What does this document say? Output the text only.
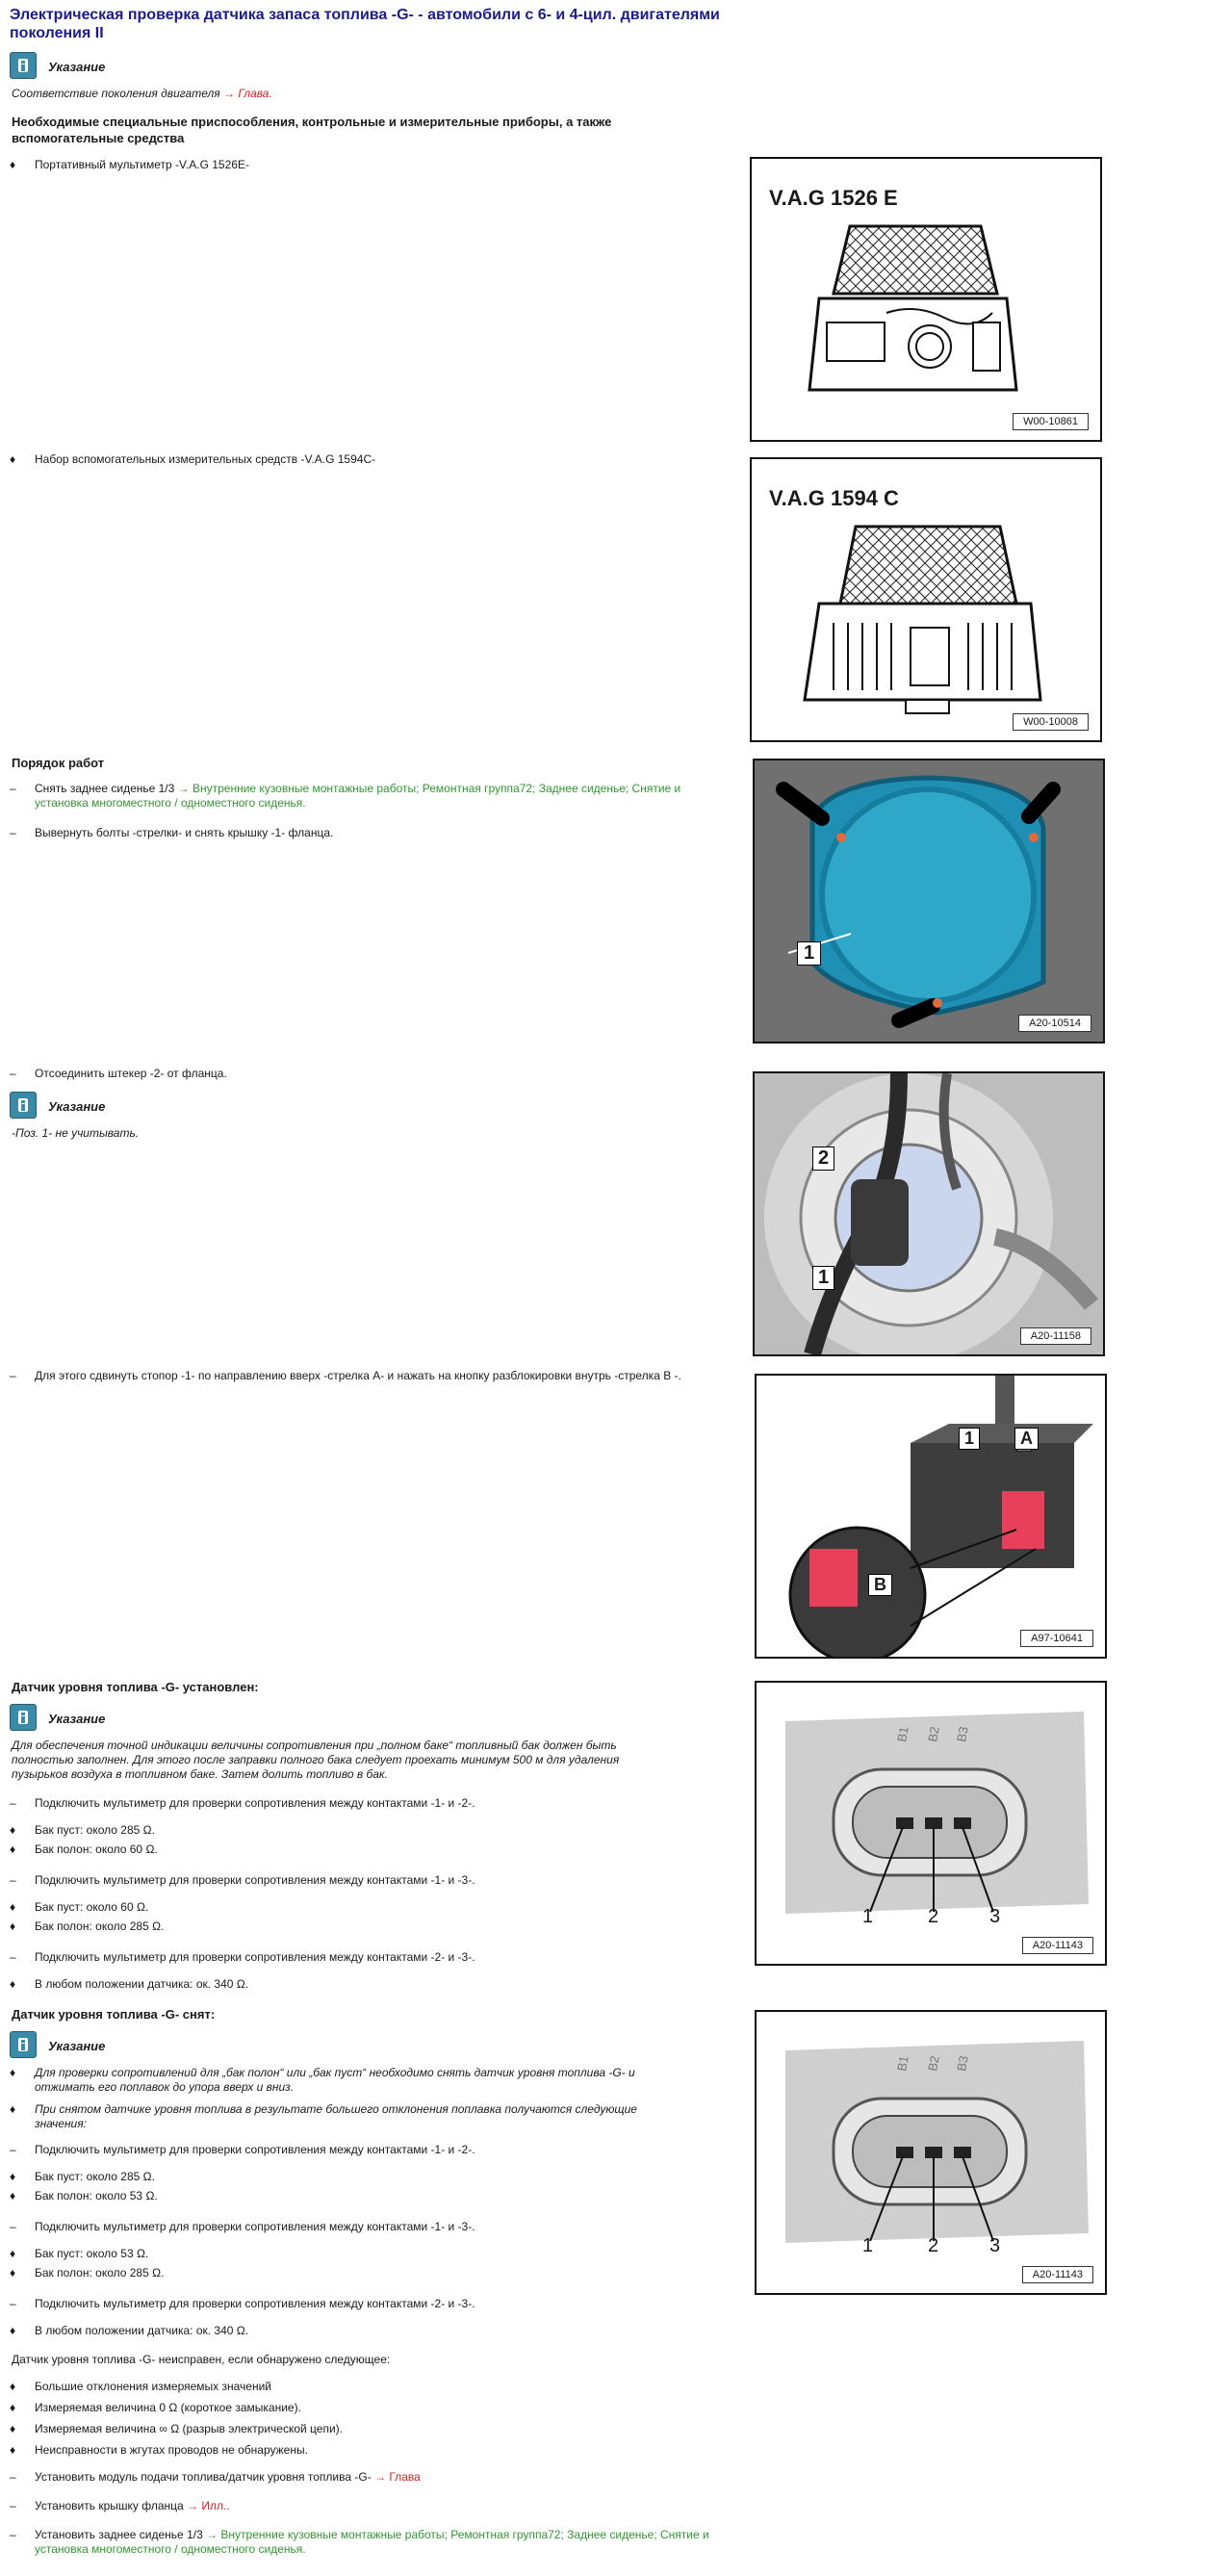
Электрическая проверка датчика запаса топлива -G- - автомобили с 6- и 4-цил. двигателями поколения II
Указание
Соответствие поколения двигателя → Глава.
Необходимые специальные приспособления, контрольные и измерительные приборы, а также вспомогательные средства
♦	Портативный мультиметр -V.A.G 1526E-
V.A.G 1526 E
W00-10861
♦	Набор вспомогательных измерительных средств -V.A.G 1594C-
V.A.G 1594 C
W00-10008
Порядок работ
–	Снять заднее сиденье 1/3 → Внутренние кузовные монтажные работы; Ремонтная группа72; Заднее сиденье; Снятие и установка многоместного / одноместного сиденья.
–	Вывернуть болты -стрелки- и снять крышку -1- фланца.
1
A20-10514
–	Отсоединить штекер -2- от фланца.
Указание
-Поз. 1- не учитывать.
2
1
A20-11158
–	Для этого сдвинуть стопор -1- по направлению вверх -стрелка А- и нажать на кнопку разблокировки внутрь -стрелка В -.
1	A
B
A97-10641
Датчик уровня топлива -G- установлен:
Указание
Для обеспечения точной индикации величины сопротивления при „полном баке“ топливный бак должен быть полностью заполнен. Для этого после заправки полного бака следует проехать минимум 500 м для удаления пузырьков воздуха в топливном баке. Затем долить топливо в бак.
–	Подключить мультиметр для проверки сопротивления между контактами -1- и -2-.
♦	Бак пуст: около 285 Ω.
♦	Бак полон: около 60 Ω.
–	Подключить мультиметр для проверки сопротивления между контактами -1- и -3-.
♦	Бак пуст: около 60 Ω.
♦	Бак полон: около 285 Ω.
–	Подключить мультиметр для проверки сопротивления между контактами -2- и -3-.
♦	В любом положении датчика: ок. 340 Ω.
B1 B2 B3
1	2	3
A20-11143
Датчик уровня топлива -G- снят:
Указание
♦	Для проверки сопротивлений для „бак полон“ или „бак пуст“ необходимо снять датчик уровня топлива -G- и отжимать его поплавок до упора вверх и вниз.
♦	При снятом датчике уровня топлива в результате большего отклонения поплавка получаются следующие значения:
–	Подключить мультиметр для проверки сопротивления между контактами -1- и -2-.
♦	Бак пуст: около 285 Ω.
♦	Бак полон: около 53 Ω.
–	Подключить мультиметр для проверки сопротивления между контактами -1- и -3-.
♦	Бак пуст: около 53 Ω.
♦	Бак полон: около 285 Ω.
–	Подключить мультиметр для проверки сопротивления между контактами -2- и -3-.
♦	В любом положении датчика: ок. 340 Ω.
B1 B2 B3
1	2	3
A20-11143
Датчик уровня топлива -G- неисправен, если обнаружено следующее:
♦	Большие отклонения измеряемых значений
♦	Измеряемая величина 0 Ω (короткое замыкание).
♦	Измеряемая величина ∞ Ω (разрыв электрической цепи).
♦	Неисправности в жгутах проводов не обнаружены.
–	Установить модуль подачи топлива/датчик уровня топлива -G- → Глава
–	Установить крышку фланца → Илл..
–	Установить заднее сиденье 1/3 → Внутренние кузовные монтажные работы; Ремонтная группа72; Заднее сиденье; Снятие и установка многоместного / одноместного сиденья.
